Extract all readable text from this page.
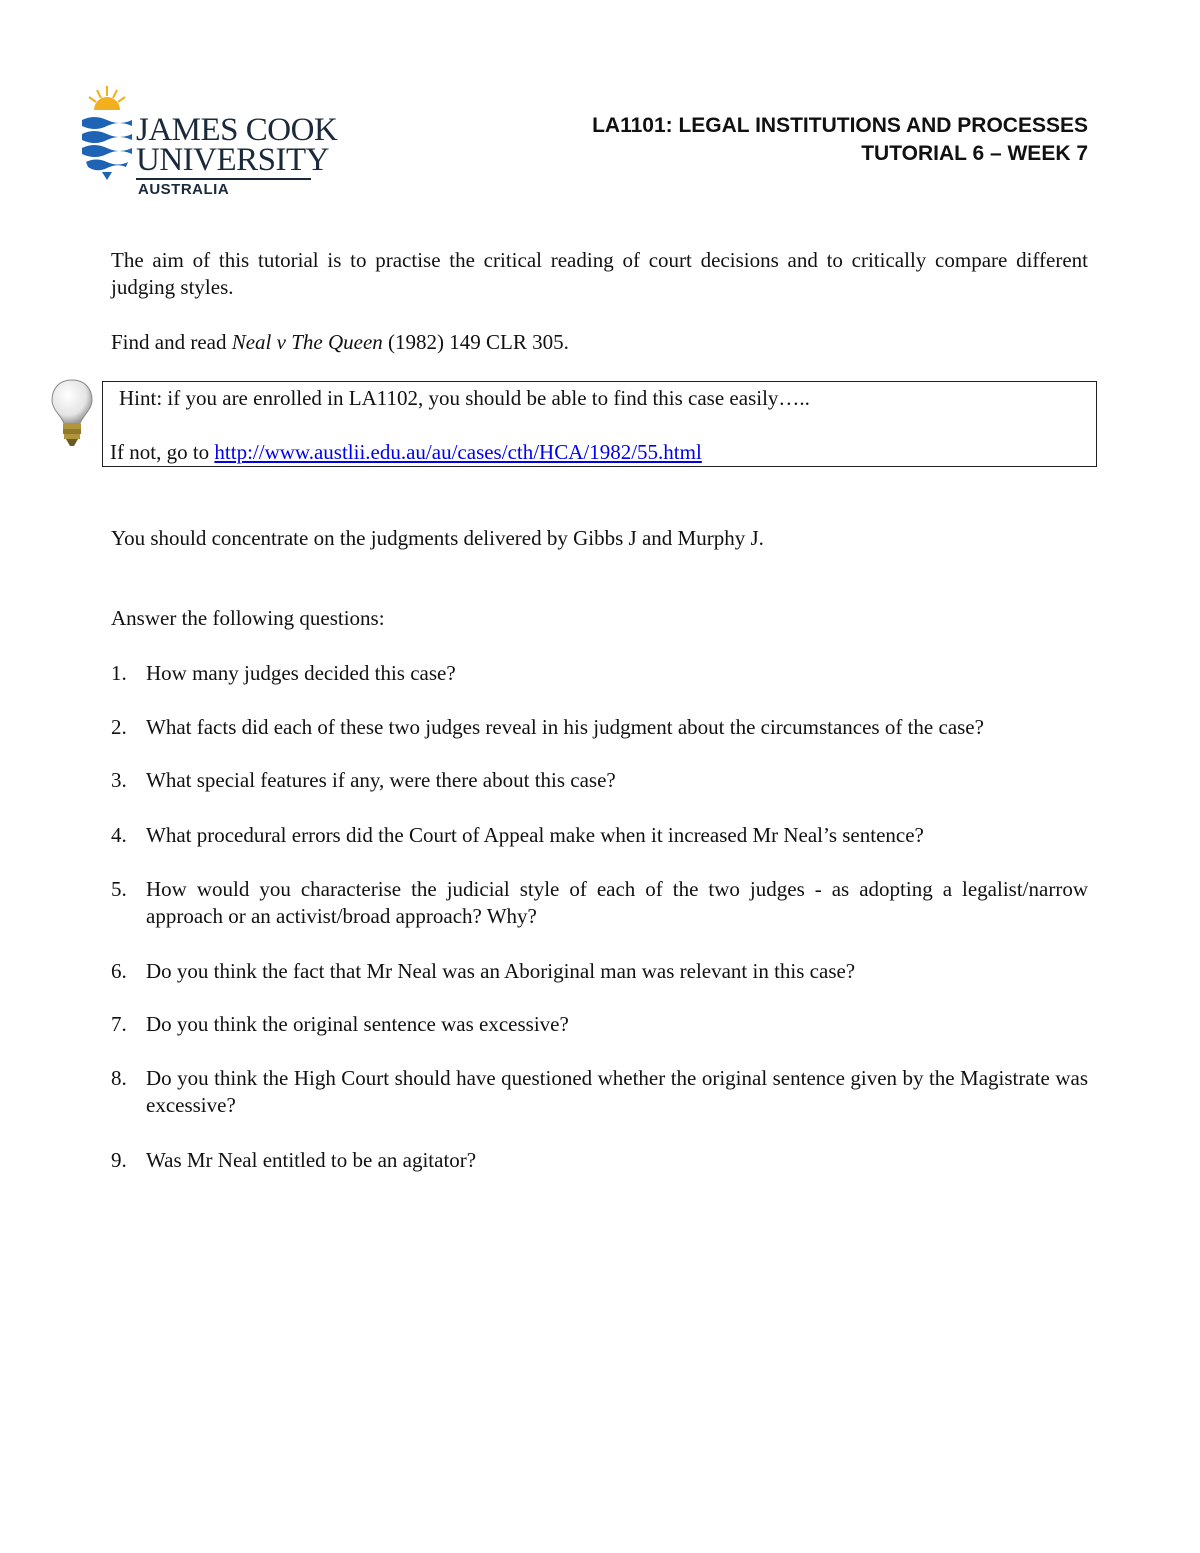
JAMES COOK
UNIVERSITY
AUSTRALIA
LA1101: LEGAL INSTITUTIONS AND PROCESSES
TUTORIAL 6 – WEEK 7
The aim of this tutorial is to practise the critical reading of court decisions and to critically compare different judging styles.
Find and read Neal v The Queen (1982) 149 CLR 305.
Hint: if you are enrolled in LA1102, you should be able to find this case easily…..
If not, go to http://www.austlii.edu.au/au/cases/cth/HCA/1982/55.html
You should concentrate on the judgments delivered by Gibbs J and Murphy J.
Answer the following questions:
1. How many judges decided this case?
2. What facts did each of these two judges reveal in his judgment about the circumstances of the case?
3. What special features if any, were there about this case?
4. What procedural errors did the Court of Appeal make when it increased Mr Neal’s sentence?
5. How would you characterise the judicial style of each of the two judges - as adopting a legalist/narrow approach or an activist/broad approach? Why?
6. Do you think the fact that Mr Neal was an Aboriginal man was relevant in this case?
7. Do you think the original sentence was excessive?
8. Do you think the High Court should have questioned whether the original sentence given by the Magistrate was excessive?
9. Was Mr Neal entitled to be an agitator?
